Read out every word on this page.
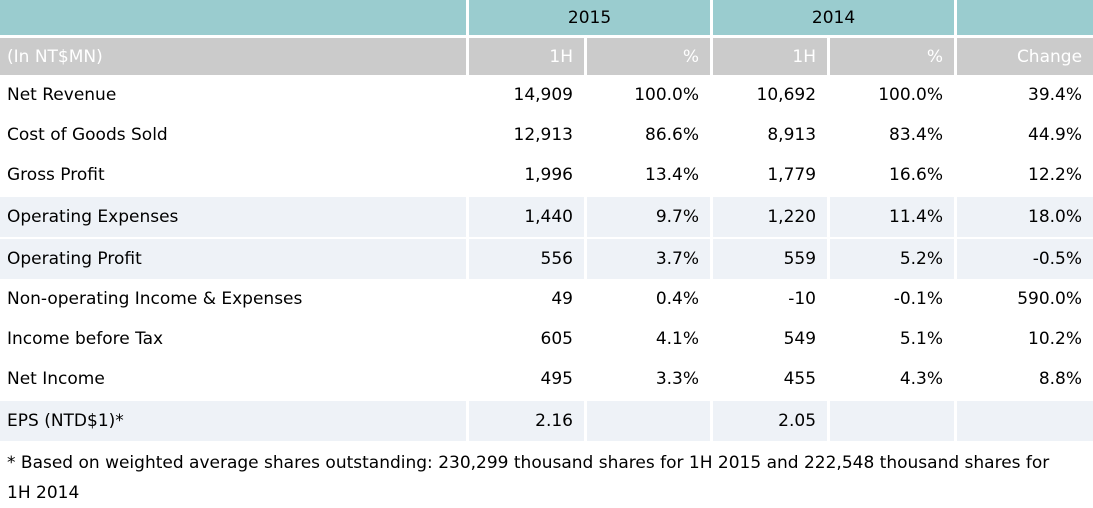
	2015		2014		
(In NT$MN)	1H	%	1H	%	Change
Net Revenue	14,909	100.0%	10,692	100.0%	39.4%
Cost of Goods Sold	12,913	86.6%	8,913	83.4%	44.9%
Gross Profit	1,996	13.4%	1,779	16.6%	12.2%
Operating Expenses	1,440	9.7%	1,220	11.4%	18.0%
Operating Profit	556	3.7%	559	5.2%	-0.5%
Non-operating Income & Expenses	49	0.4%	-10	-0.1%	590.0%
Income before Tax	605	4.1%	549	5.1%	10.2%
Net Income	495	3.3%	455	4.3%	8.8%
EPS (NTD$1)*	2.16		2.05		
* Based on weighted average shares outstanding: 230,299 thousand shares for 1H 2015 and 222,548 thousand shares for 1H 2014
